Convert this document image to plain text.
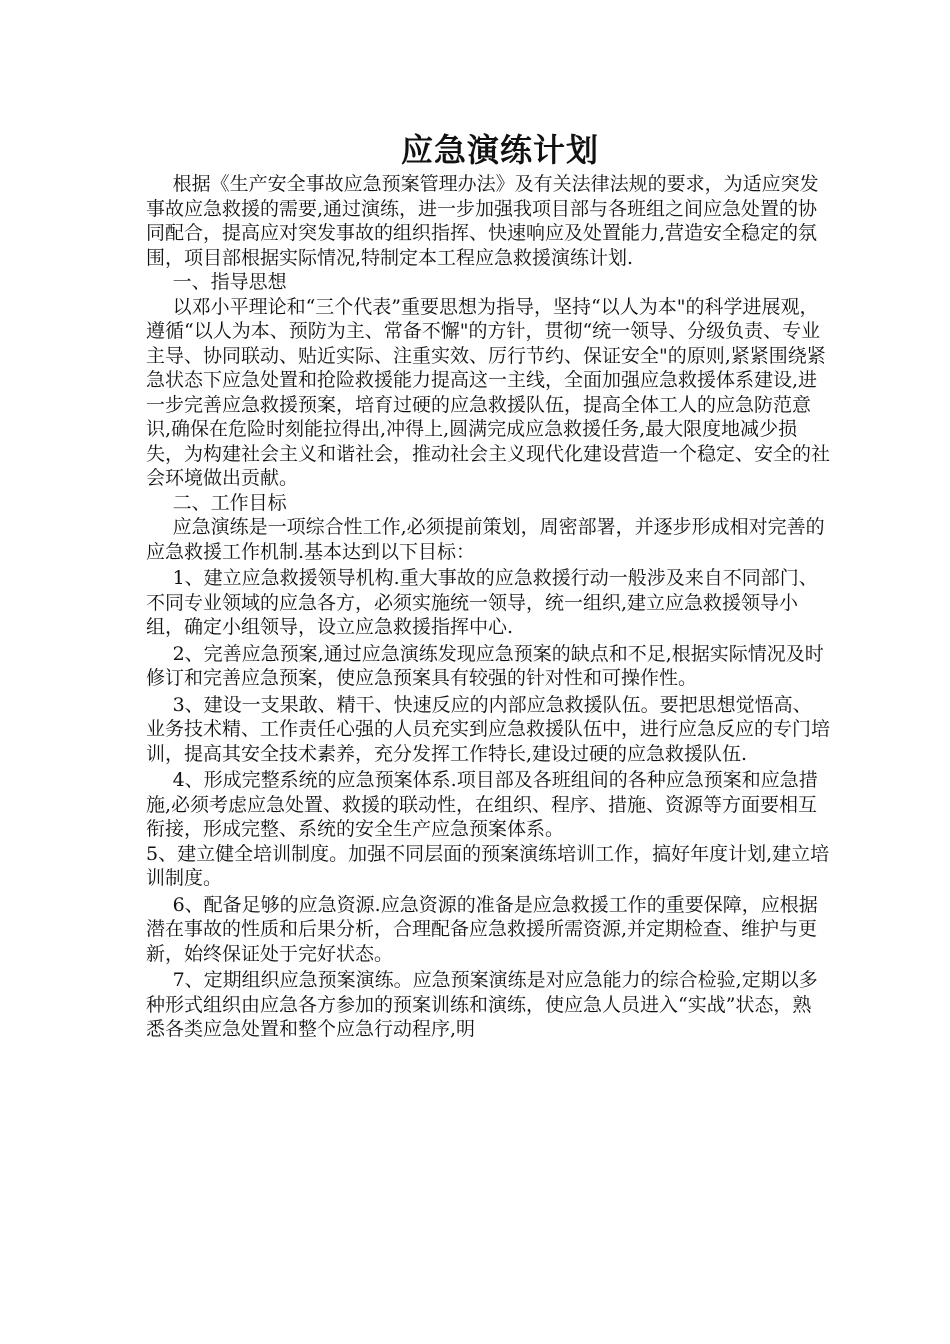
应急演练计划

根据《生产安全事故应急预案管理办法》及有关法律法规的要求，为适应突发事故应急救援的需要,通过演练，进一步加强我项目部与各班组之间应急处置的协同配合，提高应对突发事故的组织指挥、快速响应及处置能力,营造安全稳定的氛围，项目部根据实际情况,特制定本工程应急救援演练计划.

一、指导思想

以邓小平理论和“三个代表”重要思想为指导，坚持“以人为本"的科学进展观，遵循“以人为本、预防为主、常备不懈"的方针，贯彻“统一领导、分级负责、专业主导、协同联动、贴近实际、注重实效、厉行节约、保证安全"的原则,紧紧围绕紧急状态下应急处置和抢险救援能力提高这一主线，全面加强应急救援体系建设,进一步完善应急救援预案，培育过硬的应急救援队伍，提高全体工人的应急防范意识,确保在危险时刻能拉得出,冲得上,圆满完成应急救援任务,最大限度地减少损失，为构建社会主义和谐社会，推动社会主义现代化建设营造一个稳定、安全的社会环境做出贡献。

二、工作目标

应急演练是一项综合性工作,必须提前策划，周密部署，并逐步形成相对完善的应急救援工作机制.基本达到以下目标：

1、建立应急救援领导机构.重大事故的应急救援行动一般涉及来自不同部门、不同专业领域的应急各方，必须实施统一领导，统一组织,建立应急救援领导小组，确定小组领导，设立应急救援指挥中心.

2、完善应急预案,通过应急演练发现应急预案的缺点和不足,根据实际情况及时修订和完善应急预案，使应急预案具有较强的针对性和可操作性。

3、建设一支果敢、精干、快速反应的内部应急救援队伍。要把思想觉悟高、业务技术精、工作责任心强的人员充实到应急救援队伍中，进行应急反应的专门培训，提高其安全技术素养，充分发挥工作特长,建设过硬的应急救援队伍.

4、形成完整系统的应急预案体系.项目部及各班组间的各种应急预案和应急措施,必须考虑应急处置、救援的联动性，在组织、程序、措施、资源等方面要相互衔接，形成完整、系统的安全生产应急预案体系。

5、建立健全培训制度。加强不同层面的预案演练培训工作，搞好年度计划,建立培训制度。

6、配备足够的应急资源.应急资源的准备是应急救援工作的重要保障，应根据潜在事故的性质和后果分析，合理配备应急救援所需资源,并定期检查、维护与更新，始终保证处于完好状态。

7、定期组织应急预案演练。应急预案演练是对应急能力的综合检验,定期以多种形式组织由应急各方参加的预案训练和演练，使应急人员进入“实战”状态，熟悉各类应急处置和整个应急行动程序,明
